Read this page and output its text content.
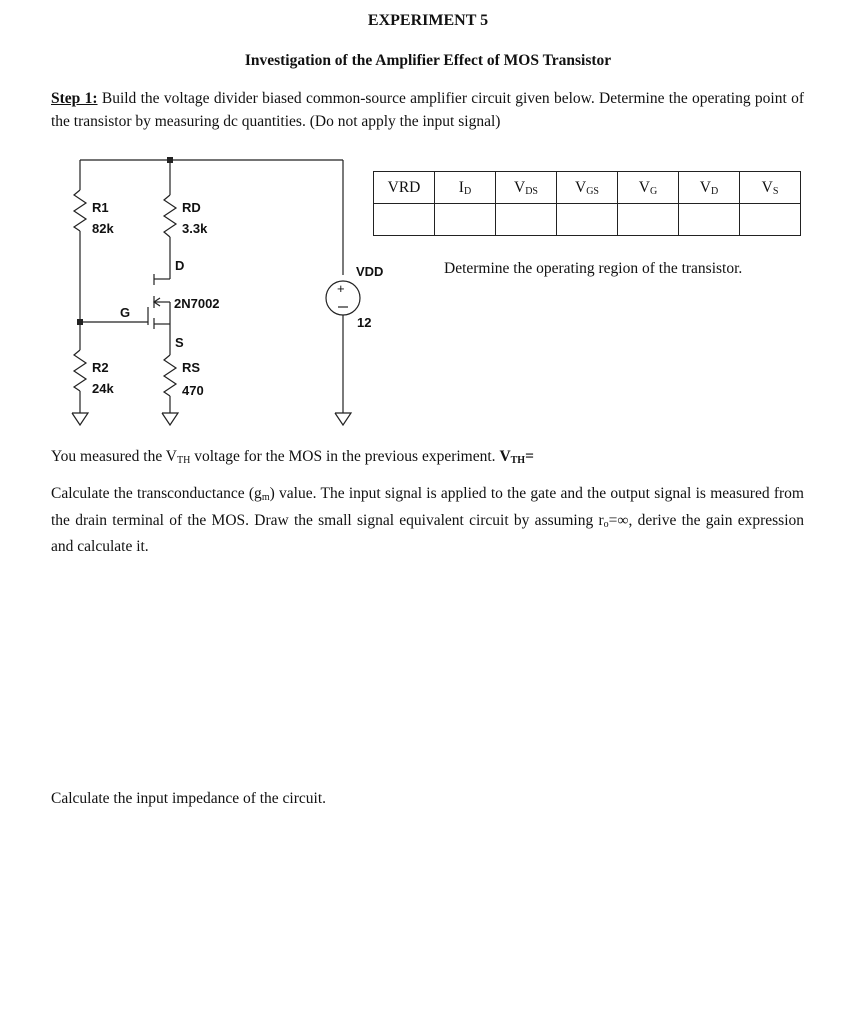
EXPERIMENT 5
Investigation of the Amplifier Effect of MOS Transistor
Step 1: Build the voltage divider biased common-source amplifier circuit given below. Determine the operating point of the transistor by measuring dc quantities. (Do not apply the input signal)
R1
82k
R2
24k
RD
3.3k
D
G
S
2N7002
RS
470
VDD
12
+
VRD	$I_D$	$V_{DS}$	$V_{GS}$	$V_G$	$V_D$	$V_S$

Determine the operating region of the transistor.
You measured the $V_{TH}$ voltage for the MOS in the previous experiment. $V_{TH}=$
Calculate the transconductance $(g_m)$ value. The input signal is applied to the gate and the output signal is measured from the drain terminal of the MOS. Draw the small signal equivalent circuit by assuming $r_o=\infty$, derive the gain expression and calculate it.
Calculate the input impedance of the circuit.
